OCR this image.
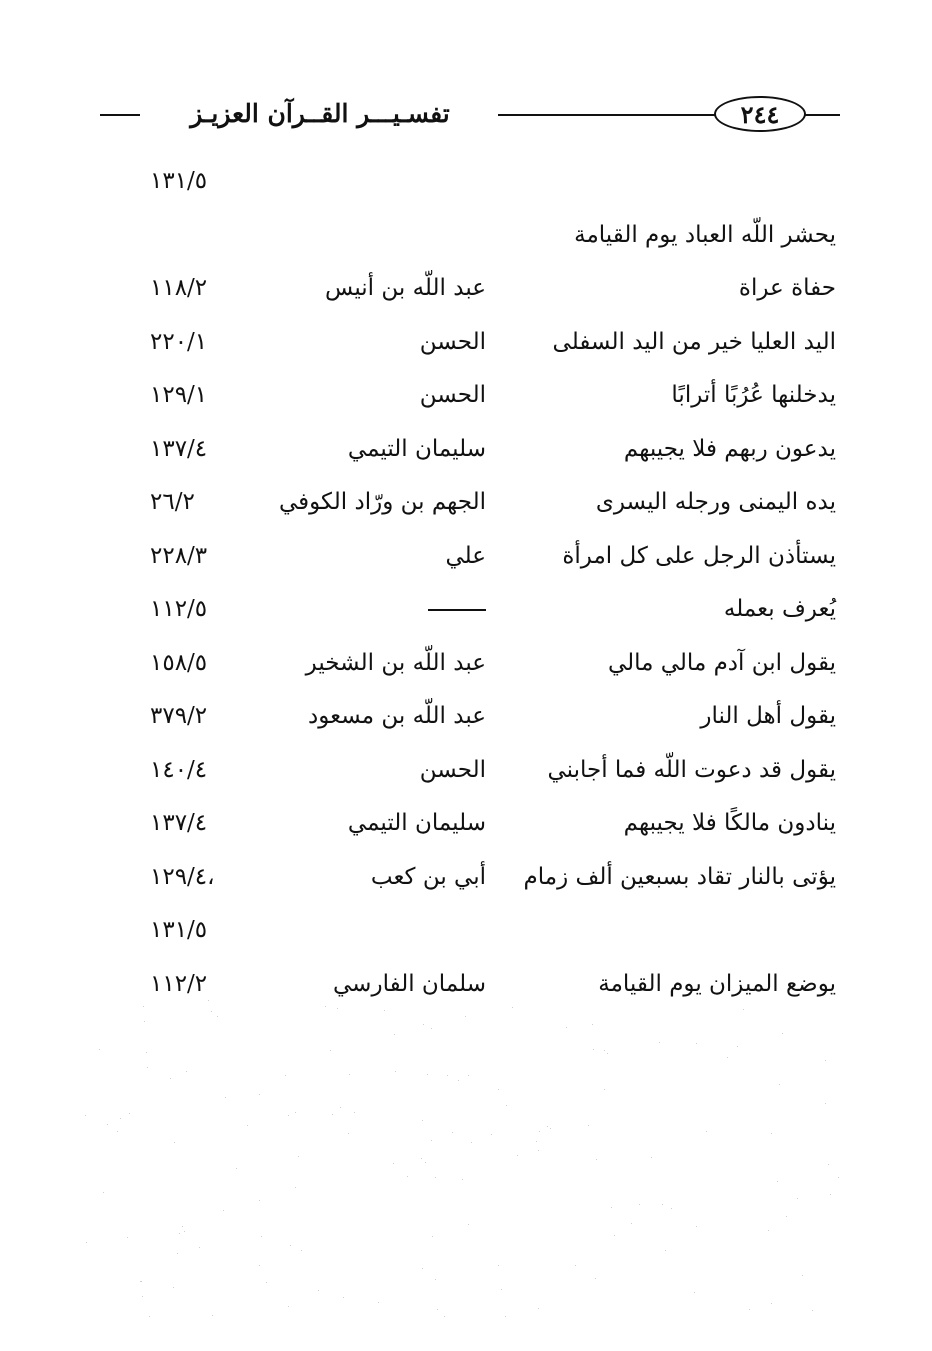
٢٤٤
تفسـيـــر القــرآن العزيـز
١٣١/٥
يحشر اللّه العباد يوم القيامة
حفاة عراة
عبد اللّه بن أنيس
١١٨/٢
اليد العليا خير من اليد السفلى
الحسن
٢٢٠/١
يدخلنها عُرُبًا أترابًا
الحسن
١٢٩/١
يدعون ربهم فلا يجيبهم
سليمان التيمي
١٣٧/٤
يده اليمنى ورجله اليسرى
الجهم بن ورّاد الكوفي
٢٦/٢
يستأذن الرجل على كل امرأة
علي
٢٢٨/٣
يُعرف بعمله
١١٢/٥
يقول ابن آدم مالي مالي
عبد اللّه بن الشخير
١٥٨/٥
يقول أهل النار
عبد اللّه بن مسعود
٣٧٩/٢
يقول قد دعوت اللّه فما أجابني
الحسن
١٤٠/٤
ينادون مالكًا فلا يجيبهم
سليمان التيمي
١٣٧/٤
يؤتى بالنار تقاد بسبعين ألف زمام
أبي بن كعب
١٢٩/٤،
١٣١/٥
يوضع الميزان يوم القيامة
سلمان الفارسي
١١٢/٢
